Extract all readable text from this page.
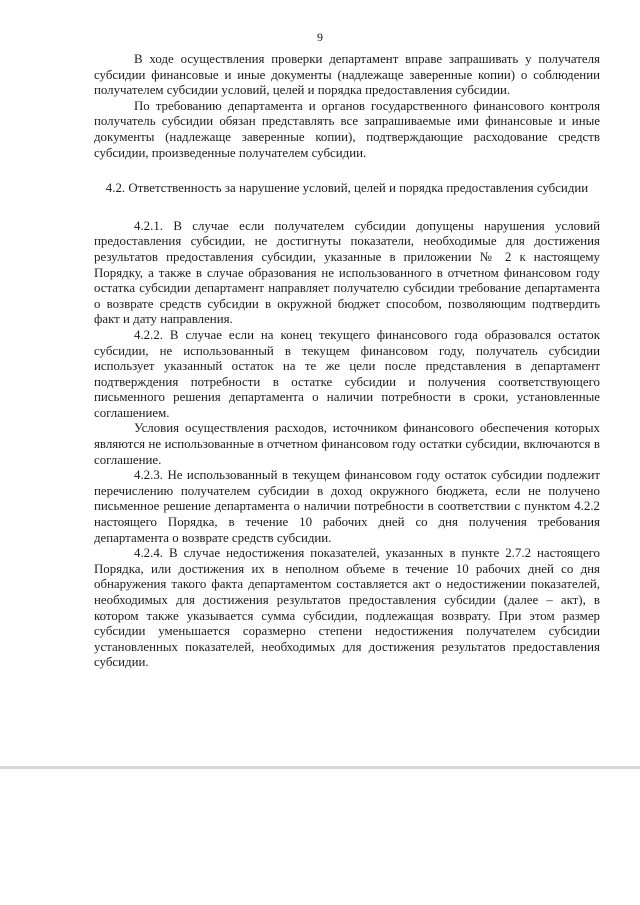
9

В ходе осуществления проверки департамент вправе запрашивать у получателя субсидии финансовые и иные документы (надлежаще заверенные копии) о соблюдении получателем субсидии условий, целей и порядка предоставления субсидии.

По требованию департамента и органов государственного финансового контроля получатель субсидии обязан представлять все запрашиваемые ими финансовые и иные документы (надлежаще заверенные копии), подтверждающие расходование средств субсидии, произведенные получателем субсидии.

4.2. Ответственность за нарушение условий, целей и порядка предоставления субсидии

4.2.1. В случае если получателем субсидии допущены нарушения условий предоставления субсидии, не достигнуты показатели, необходимые для достижения результатов предоставления субсидии, указанные в приложении № 2 к настоящему Порядку, а также в случае образования не использованного в отчетном финансовом году остатка субсидии департамент направляет получателю субсидии требование департамента о возврате средств субсидии в окружной бюджет способом, позволяющим подтвердить факт и дату направления.

4.2.2. В случае если на конец текущего финансового года образовался остаток субсидии, не использованный в текущем финансовом году, получатель субсидии использует указанный остаток на те же цели после представления в департамент подтверждения потребности в остатке субсидии и получения соответствующего письменного решения департамента о наличии потребности в сроки, установленные соглашением.

Условия осуществления расходов, источником финансового обеспечения которых являются не использованные в отчетном финансовом году остатки субсидии, включаются в соглашение.

4.2.3. Не использованный в текущем финансовом году остаток субсидии подлежит перечислению получателем субсидии в доход окружного бюджета, если не получено письменное решение департамента о наличии потребности в соответствии с пунктом 4.2.2 настоящего Порядка, в течение 10 рабочих дней со дня получения требования департамента о возврате средств субсидии.

4.2.4. В случае недостижения показателей, указанных в пункте 2.7.2 настоящего Порядка, или достижения их в неполном объеме в течение 10 рабочих дней со дня обнаружения такого факта департаментом составляется акт о недостижении показателей, необходимых для достижения результатов предоставления субсидии (далее – акт), в котором также указывается сумма субсидии, подлежащая возврату. При этом размер субсидии уменьшается соразмерно степени недостижения получателем субсидии установленных показателей, необходимых для достижения результатов предоставления субсидии.
